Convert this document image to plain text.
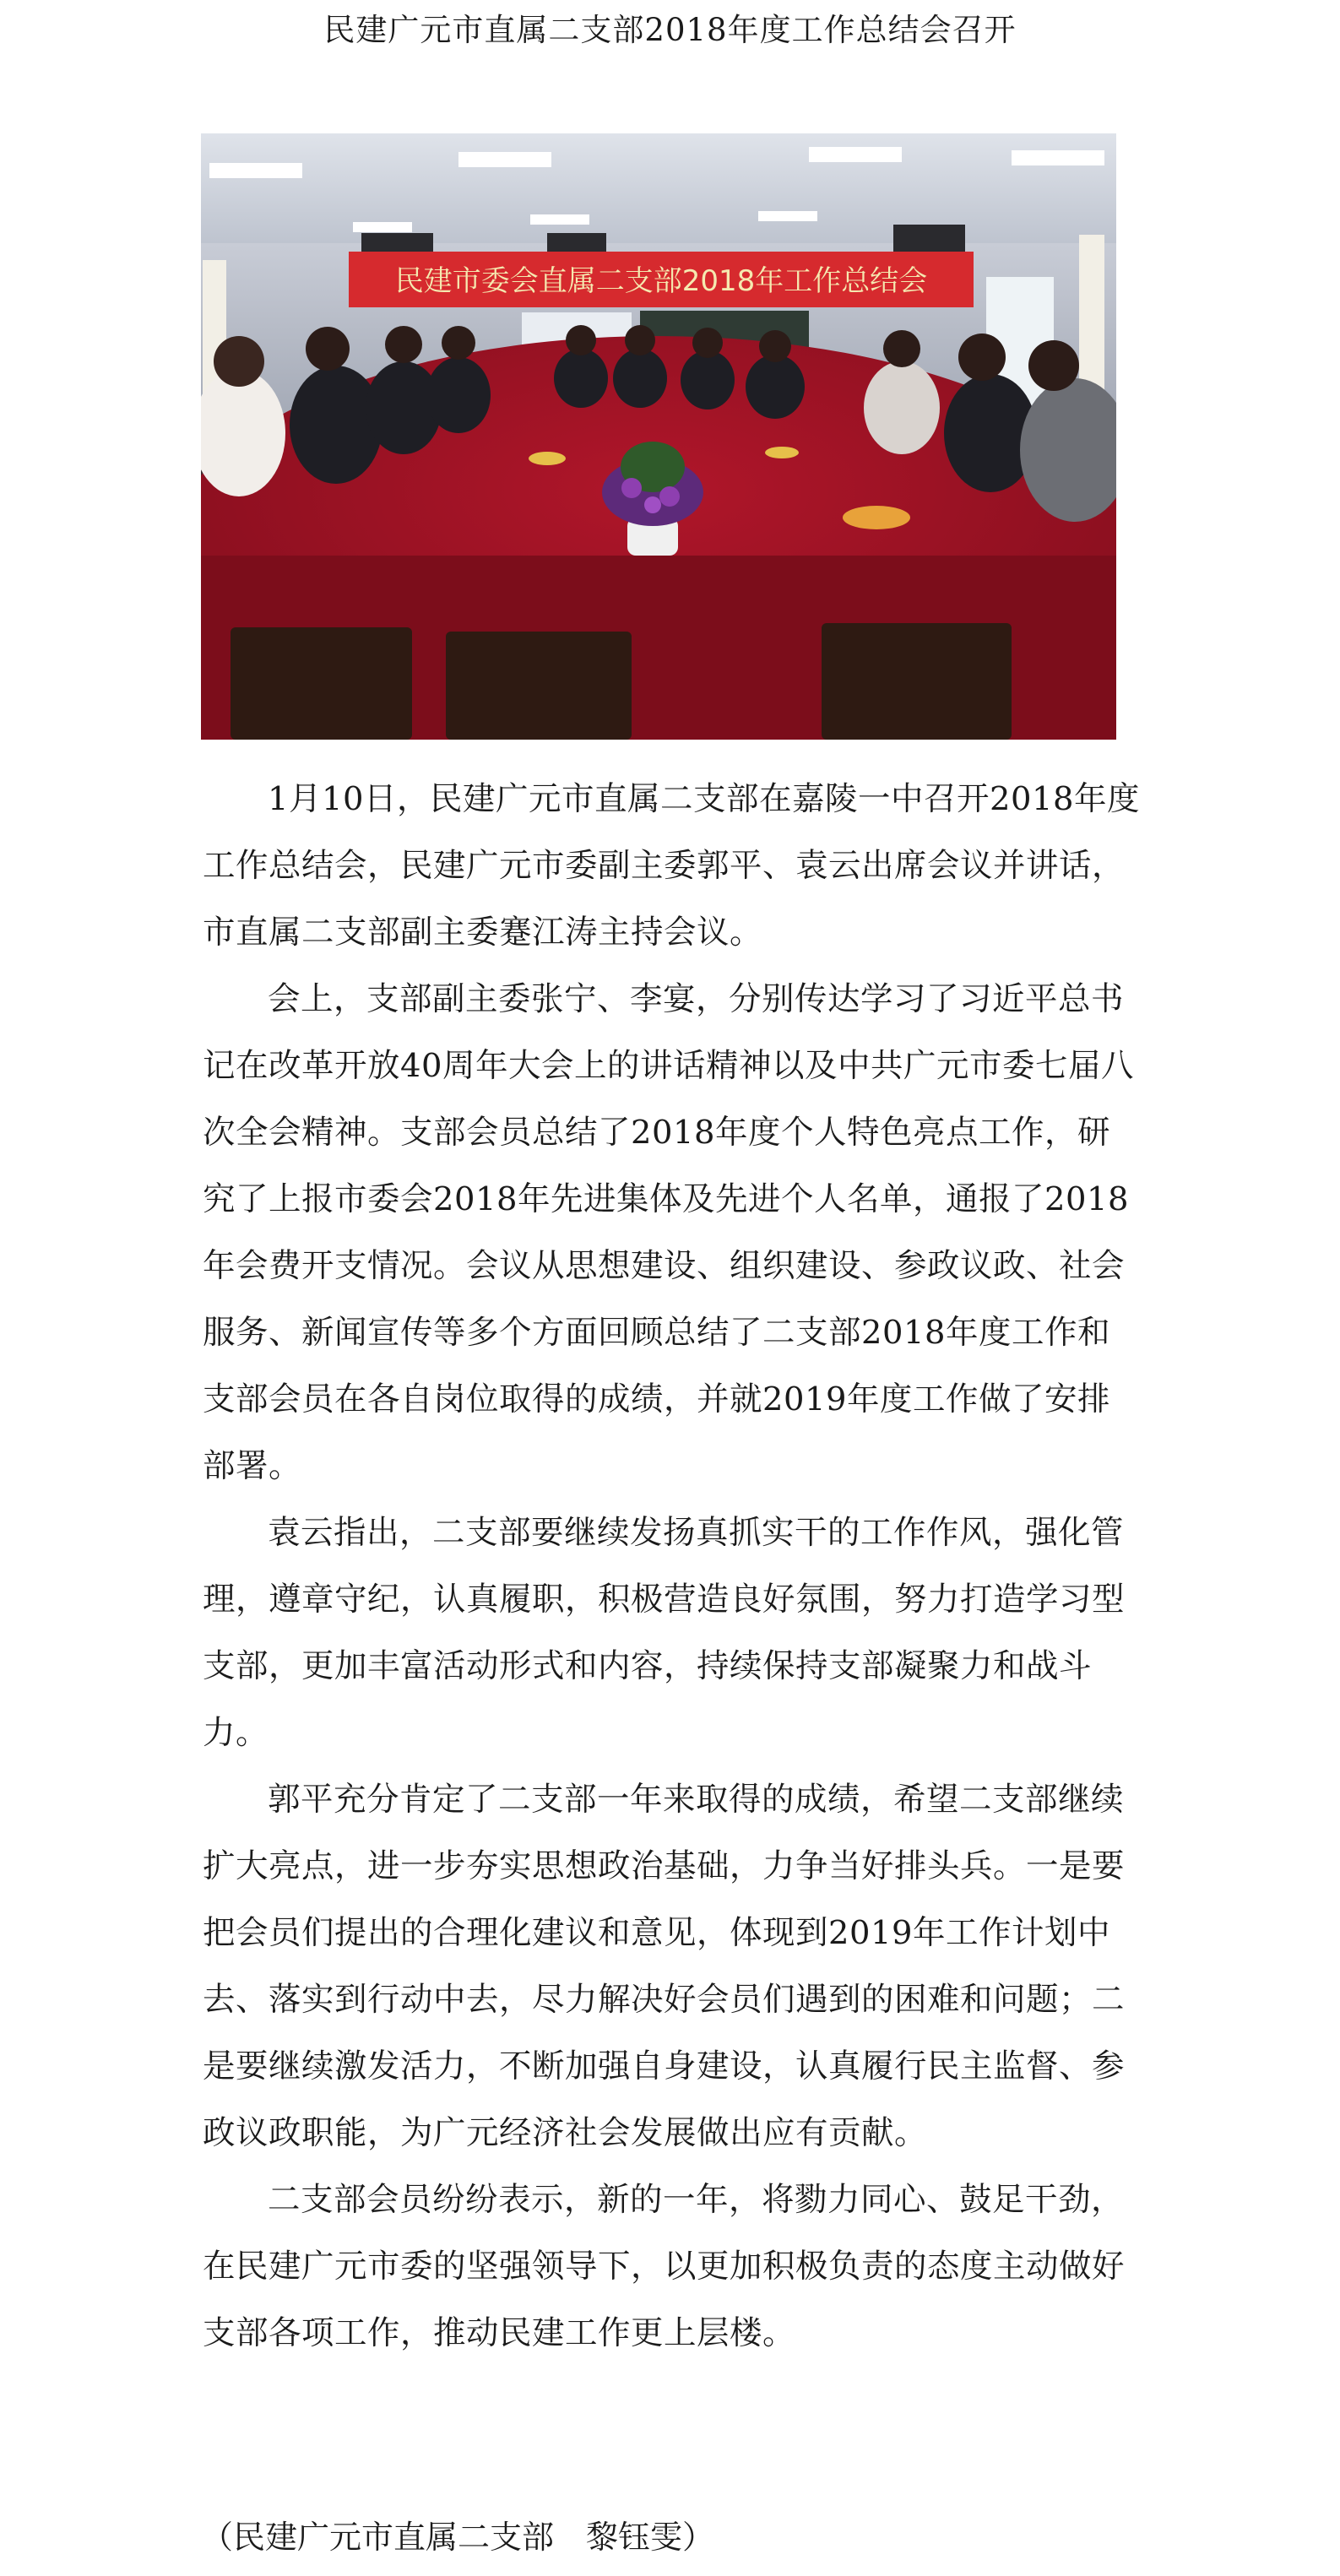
民建广元市直属二支部2018年度工作总结会召开
民建市委会直属二支部2018年工作总结会

1月10日，民建广元市直属二支部在嘉陵一中召开2018年度工作总结会，民建广元市委副主委郭平、袁云出席会议并讲话，市直属二支部副主委蹇江涛主持会议。

会上，支部副主委张宁、李宴，分别传达学习了习近平总书记在改革开放40周年大会上的讲话精神以及中共广元市委七届八次全会精神。支部会员总结了2018年度个人特色亮点工作，研究了上报市委会2018年先进集体及先进个人名单，通报了2018年会费开支情况。会议从思想建设、组织建设、参政议政、社会服务、新闻宣传等多个方面回顾总结了二支部2018年度工作和支部会员在各自岗位取得的成绩，并就2019年度工作做了安排部署。

袁云指出，二支部要继续发扬真抓实干的工作作风，强化管理，遵章守纪，认真履职，积极营造良好氛围，努力打造学习型支部，更加丰富活动形式和内容，持续保持支部凝聚力和战斗力。

郭平充分肯定了二支部一年来取得的成绩，希望二支部继续扩大亮点，进一步夯实思想政治基础，力争当好排头兵。一是要把会员们提出的合理化建议和意见，体现到2019年工作计划中去、落实到行动中去，尽力解决好会员们遇到的困难和问题；二是要继续激发活力，不断加强自身建设，认真履行民主监督、参政议政职能，为广元经济社会发展做出应有贡献。

二支部会员纷纷表示，新的一年，将勠力同心、鼓足干劲，在民建广元市委的坚强领导下，以更加积极负责的态度主动做好支部各项工作，推动民建工作更上层楼。

（民建广元市直属二支部　黎钰雯）
